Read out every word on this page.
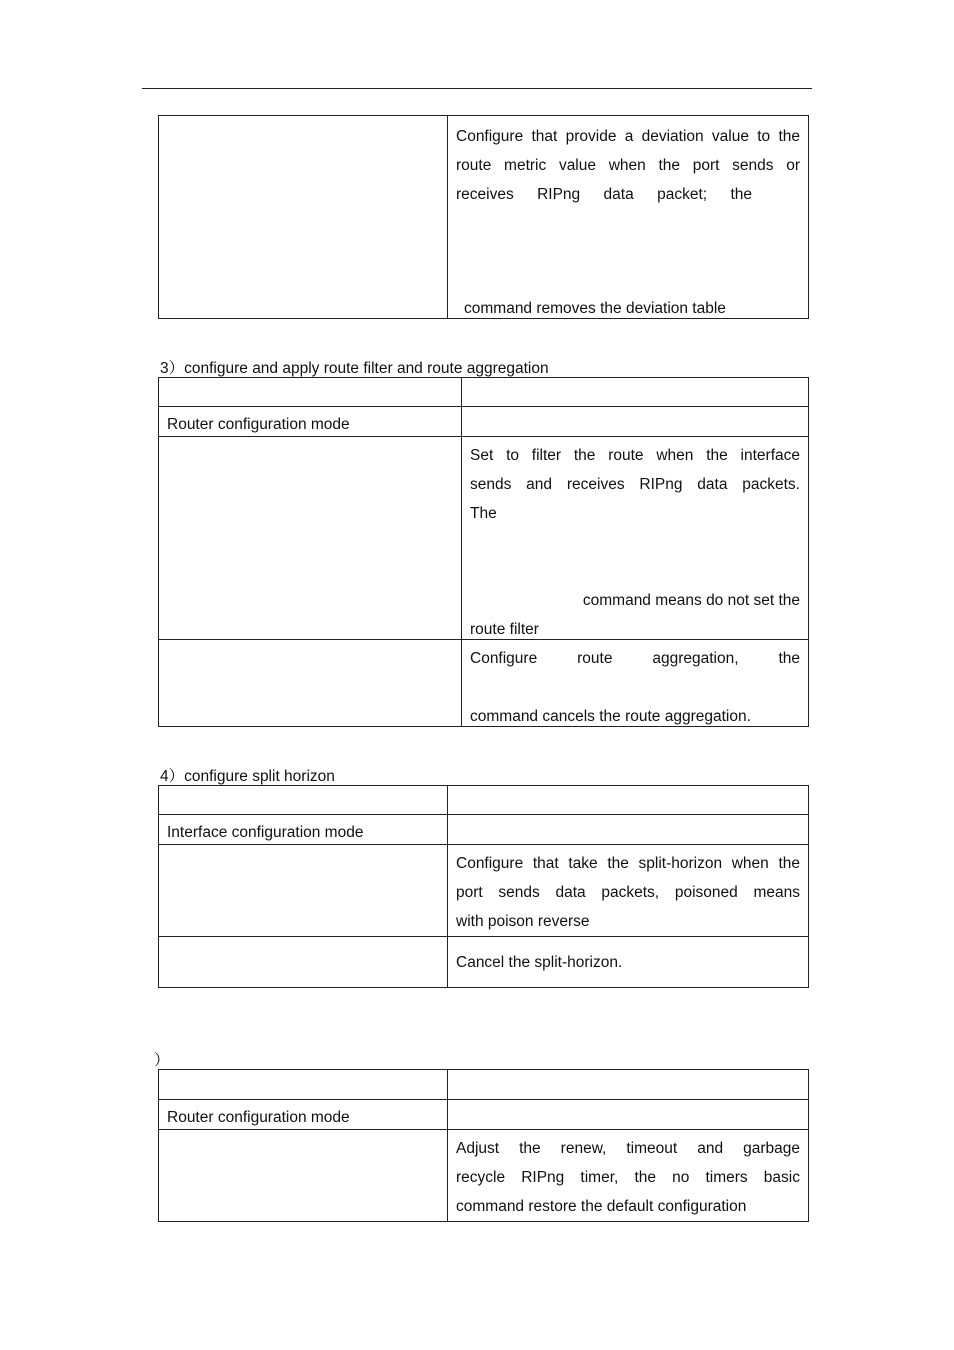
Configure that provide a deviation value to the
route metric value when the port sends or
receives RIPng data packet; the
command removes the deviation table
3）configure and apply route filter and route aggregation

Router configuration mode	

	Set to filter the route when the interface
sends and receives RIPng data packets.
The
command means do not set the
route filter

	Configure route aggregation, the
command cancels the route aggregation.
4）configure split horizon

Interface configuration mode	

	Configure that take the split-horizon when the
port sends data packets, poisoned means
with poison reverse

	Cancel the split-horizon.
）

Router configuration mode	

	Adjust the renew, timeout and garbage
recycle RIPng timer, the no timers basic
command restore the default configuration
